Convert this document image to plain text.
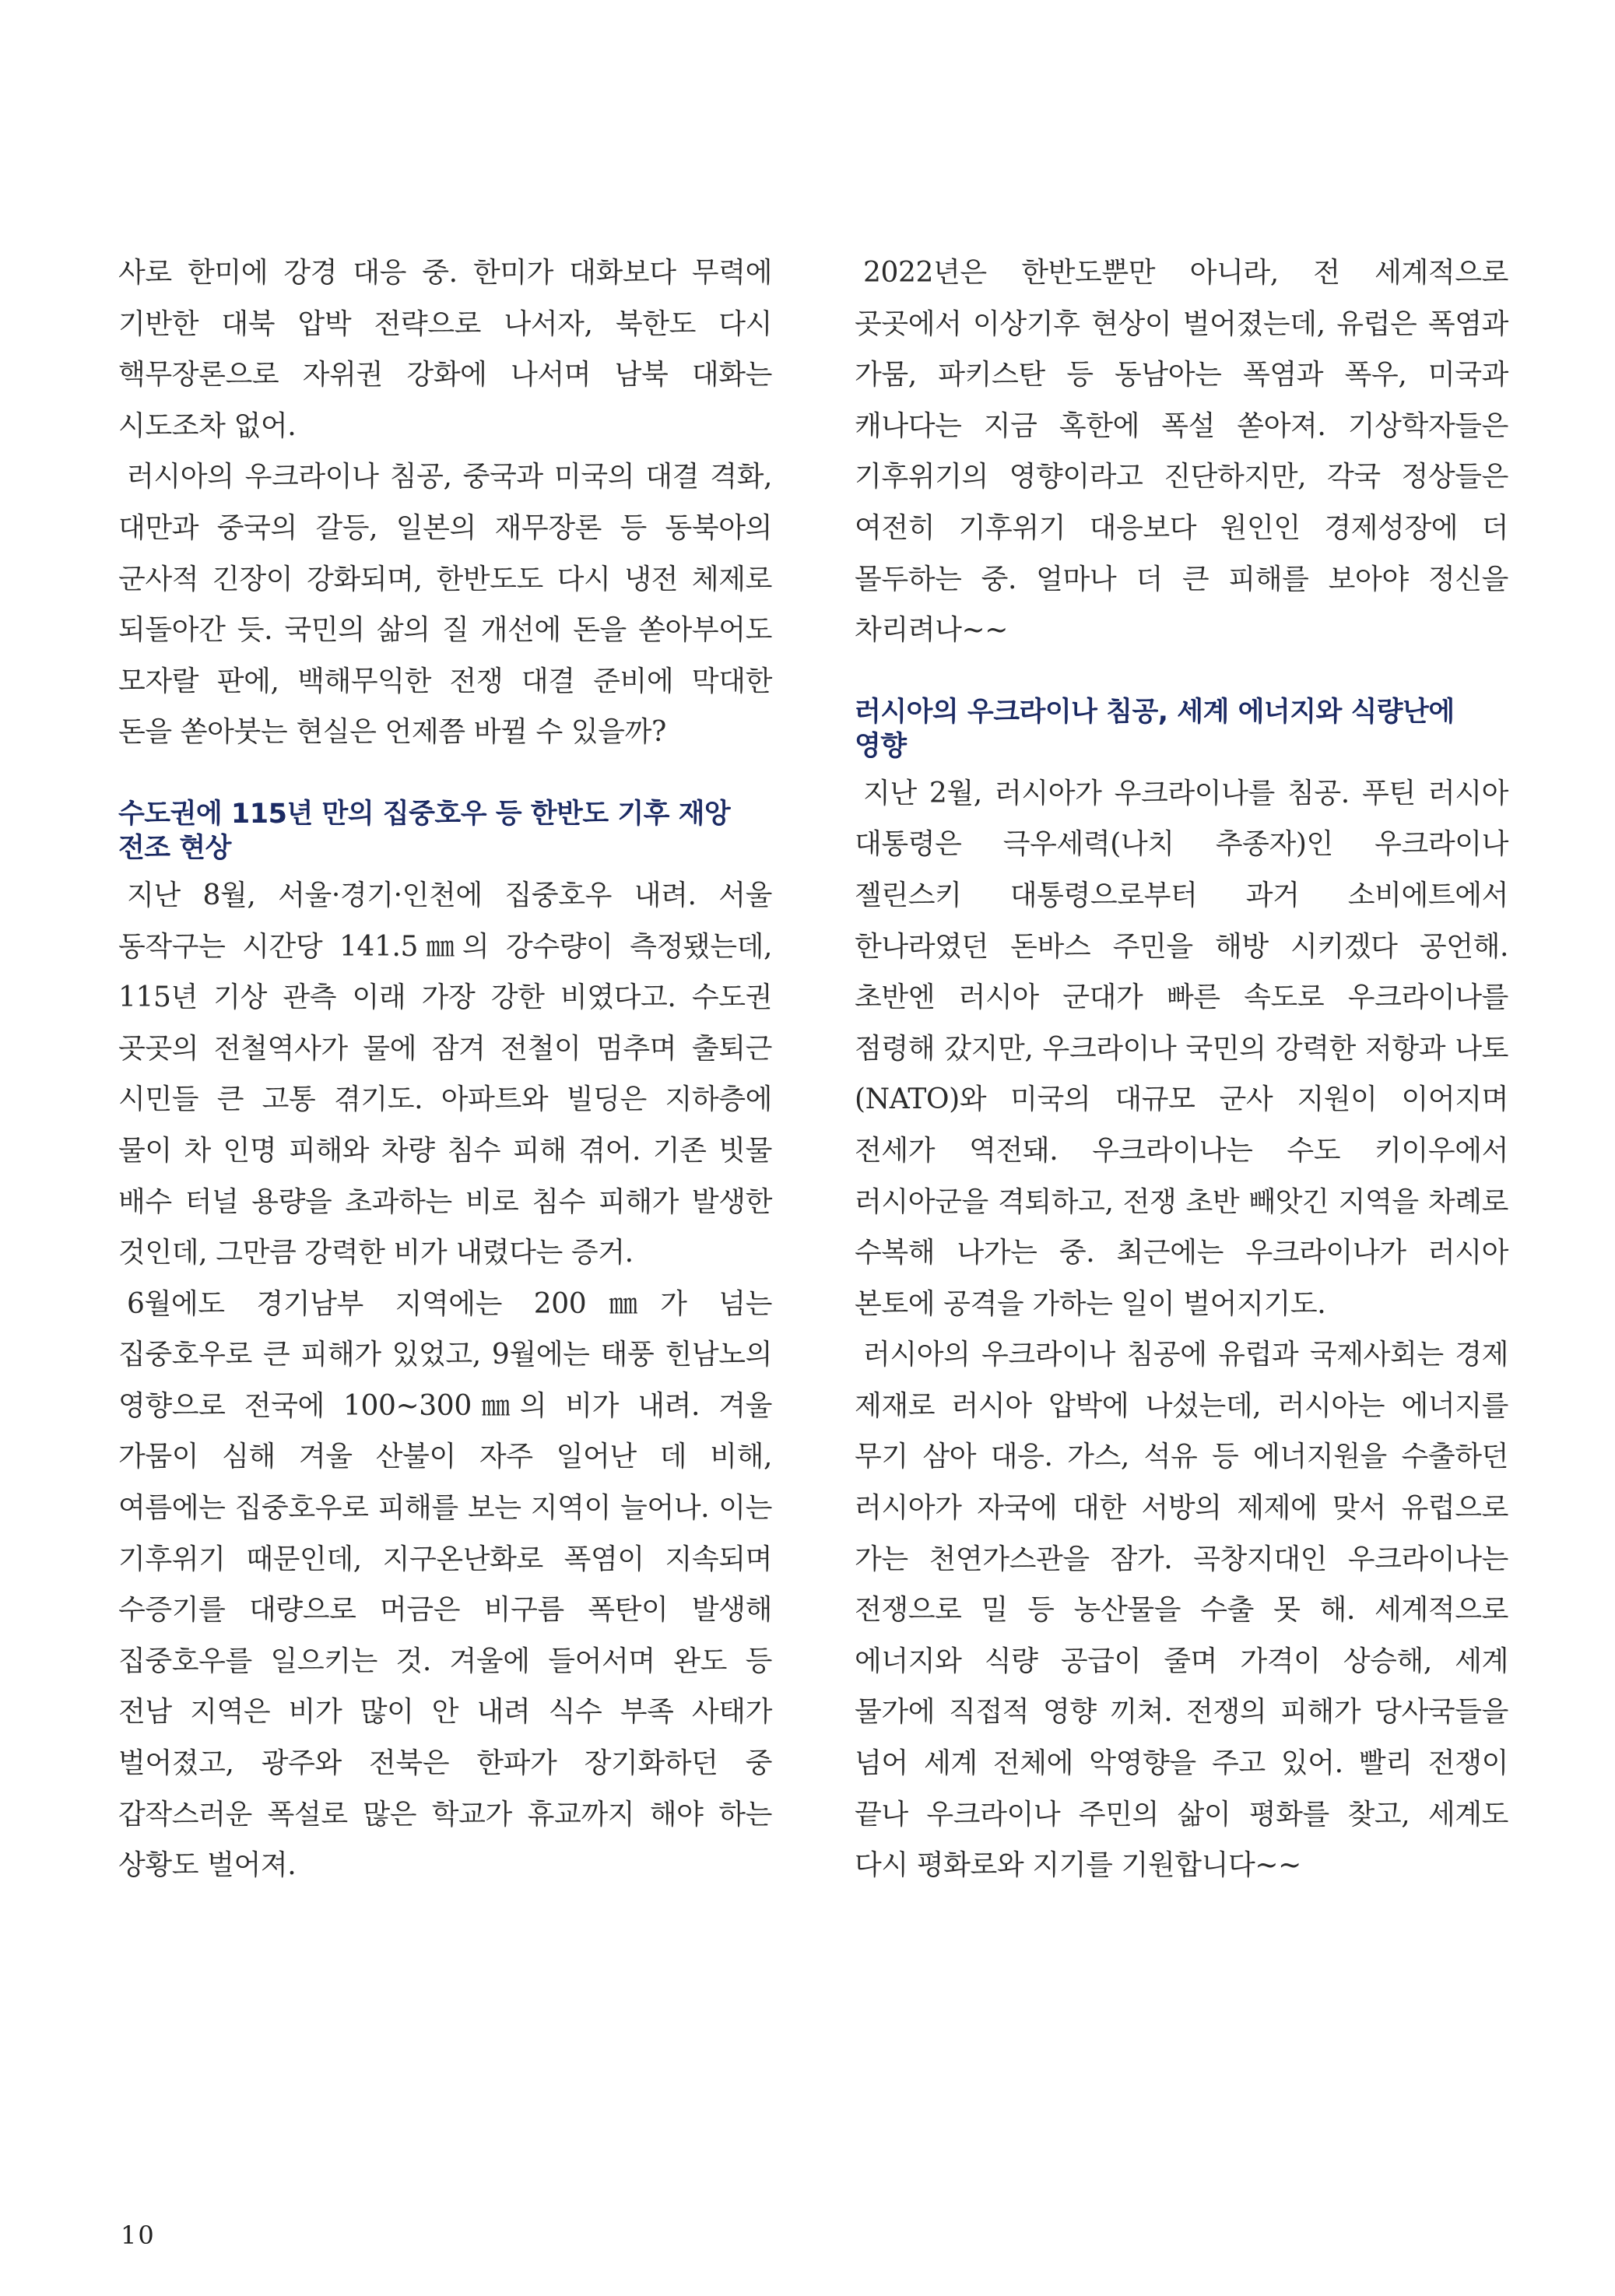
사로 한미에 강경 대응 중. 한미가 대화보다 무력에 기반한 대북 압박 전략으로 나서자, 북한도 다시 핵무장론으로 자위권 강화에 나서며 남북 대화는 시도조차 없어.

러시아의 우크라이나 침공, 중국과 미국의 대결 격화, 대만과 중국의 갈등, 일본의 재무장론 등 동북아의 군사적 긴장이 강화되며, 한반도도 다시 냉전 체제로 되돌아간 듯. 국민의 삶의 질 개선에 돈을 쏟아부어도 모자랄 판에, 백해무익한 전쟁 대결 준비에 막대한 돈을 쏟아붓는 현실은 언제쯤 바뀔 수 있을까?

수도권에 115년 만의 집중호우 등 한반도 기후 재앙 전조 현상

지난 8월, 서울·경기·인천에 집중호우 내려. 서울 동작구는 시간당 141.5㎜의 강수량이 측정됐는데, 115년 기상 관측 이래 가장 강한 비였다고. 수도권 곳곳의 전철역사가 물에 잠겨 전철이 멈추며 출퇴근 시민들 큰 고통 겪기도. 아파트와 빌딩은 지하층에 물이 차 인명 피해와 차량 침수 피해 겪어. 기존 빗물 배수 터널 용량을 초과하는 비로 침수 피해가 발생한 것인데, 그만큼 강력한 비가 내렸다는 증거.

6월에도 경기남부 지역에는 200㎜가 넘는 집중호우로 큰 피해가 있었고, 9월에는 태풍 힌남노의 영향으로 전국에 100~300㎜의 비가 내려. 겨울 가뭄이 심해 겨울 산불이 자주 일어난 데 비해, 여름에는 집중호우로 피해를 보는 지역이 늘어나. 이는 기후위기 때문인데, 지구온난화로 폭염이 지속되며 수증기를 대량으로 머금은 비구름 폭탄이 발생해 집중호우를 일으키는 것. 겨울에 들어서며 완도 등 전남 지역은 비가 많이 안 내려 식수 부족 사태가 벌어졌고, 광주와 전북은 한파가 장기화하던 중 갑작스러운 폭설로 많은 학교가 휴교까지 해야 하는 상황도 벌어져.

2022년은 한반도뿐만 아니라, 전 세계적으로 곳곳에서 이상기후 현상이 벌어졌는데, 유럽은 폭염과 가뭄, 파키스탄 등 동남아는 폭염과 폭우, 미국과 캐나다는 지금 혹한에 폭설 쏟아져. 기상학자들은 기후위기의 영향이라고 진단하지만, 각국 정상들은 여전히 기후위기 대응보다 원인인 경제성장에 더 몰두하는 중. 얼마나 더 큰 피해를 보아야 정신을 차리려나~~

러시아의 우크라이나 침공, 세계 에너지와 식량난에 영향

지난 2월, 러시아가 우크라이나를 침공. 푸틴 러시아 대통령은 극우세력(나치 추종자)인 우크라이나 젤린스키 대통령으로부터 과거 소비에트에서 한나라였던 돈바스 주민을 해방 시키겠다 공언해. 초반엔 러시아 군대가 빠른 속도로 우크라이나를 점령해 갔지만, 우크라이나 국민의 강력한 저항과 나토(NATO)와 미국의 대규모 군사 지원이 이어지며 전세가 역전돼. 우크라이나는 수도 키이우에서 러시아군을 격퇴하고, 전쟁 초반 빼앗긴 지역을 차례로 수복해 나가는 중. 최근에는 우크라이나가 러시아 본토에 공격을 가하는 일이 벌어지기도.

러시아의 우크라이나 침공에 유럽과 국제사회는 경제 제재로 러시아 압박에 나섰는데, 러시아는 에너지를 무기 삼아 대응. 가스, 석유 등 에너지원을 수출하던 러시아가 자국에 대한 서방의 제제에 맞서 유럽으로 가는 천연가스관을 잠가. 곡창지대인 우크라이나는 전쟁으로 밀 등 농산물을 수출 못 해. 세계적으로 에너지와 식량 공급이 줄며 가격이 상승해, 세계 물가에 직접적 영향 끼쳐. 전쟁의 피해가 당사국들을 넘어 세계 전체에 악영향을 주고 있어. 빨리 전쟁이 끝나 우크라이나 주민의 삶이 평화를 찾고, 세계도 다시 평화로와 지기를 기원합니다~~

10
